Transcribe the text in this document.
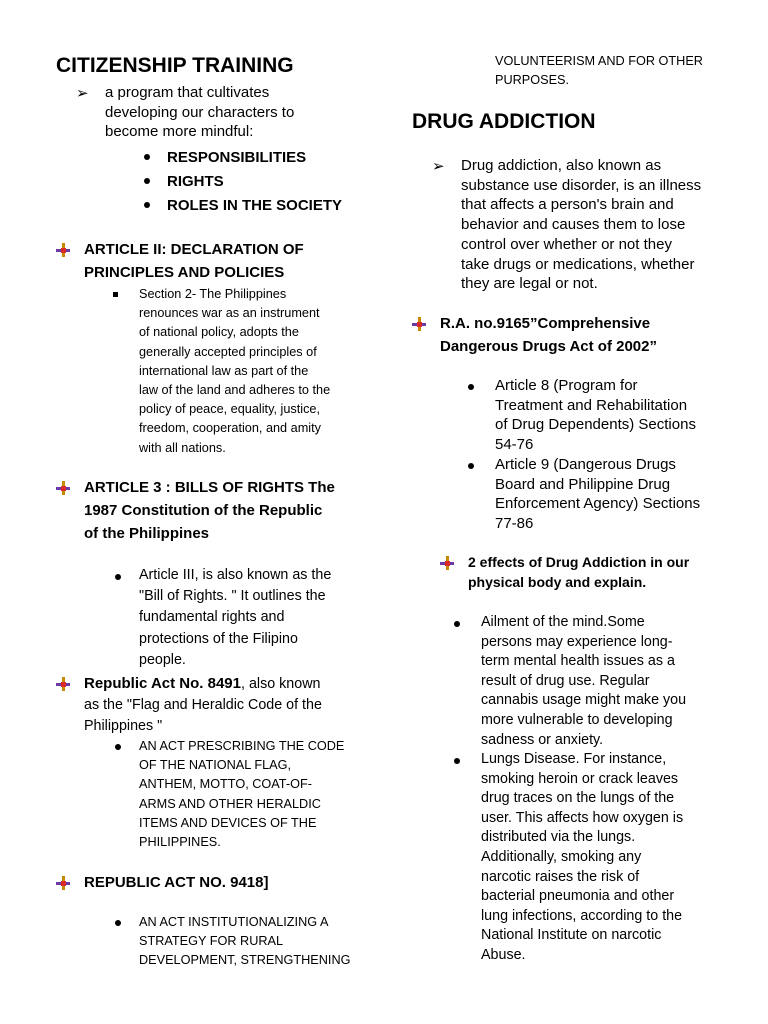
CITIZENSHIP TRAINING
➢ a program that cultivates
developing our characters to
become more mindful:
RESPONSIBILITIES
RIGHTS
ROLES IN THE SOCIETY
ARTICLE II: DECLARATION OF
PRINCIPLES AND POLICIES
Section 2- The Philippines
renounces war as an instrument
of national policy, adopts the
generally accepted principles of
international law as part of the
law of the land and adheres to the
policy of peace, equality, justice,
freedom, cooperation, and amity
with all nations.
ARTICLE 3 : BILLS OF RIGHTS The
1987 Constitution of the Republic
of the Philippines
Article III, is also known as the
"Bill of Rights. " It outlines the
fundamental rights and
protections of the Filipino
people.
Republic Act No. 8491, also known
as the "Flag and Heraldic Code of the
Philippines "
AN ACT PRESCRIBING THE CODE
OF THE NATIONAL FLAG,
ANTHEM, MOTTO, COAT-OF-
ARMS AND OTHER HERALDIC
ITEMS AND DEVICES OF THE
PHILIPPINES.
REPUBLIC ACT NO. 9418]
AN ACT INSTITUTIONALIZING A
STRATEGY FOR RURAL
DEVELOPMENT, STRENGTHENING
VOLUNTEERISM AND FOR OTHER
PURPOSES.
DRUG ADDICTION
➢ Drug addiction, also known as
substance use disorder, is an illness
that affects a person's brain and
behavior and causes them to lose
control over whether or not they
take drugs or medications, whether
they are legal or not.
R.A. no.9165”Comprehensive
Dangerous Drugs Act of 2002”
Article 8 (Program for
Treatment and Rehabilitation
of Drug Dependents) Sections
54-76
Article 9 (Dangerous Drugs
Board and Philippine Drug
Enforcement Agency) Sections
77-86
2 effects of Drug Addiction in our
physical body and explain.
Ailment of the mind.Some
persons may experience long-
term mental health issues as a
result of drug use. Regular
cannabis usage might make you
more vulnerable to developing
sadness or anxiety.
Lungs Disease. For instance,
smoking heroin or crack leaves
drug traces on the lungs of the
user. This affects how oxygen is
distributed via the lungs.
Additionally, smoking any
narcotic raises the risk of
bacterial pneumonia and other
lung infections, according to the
National Institute on narcotic
Abuse.
